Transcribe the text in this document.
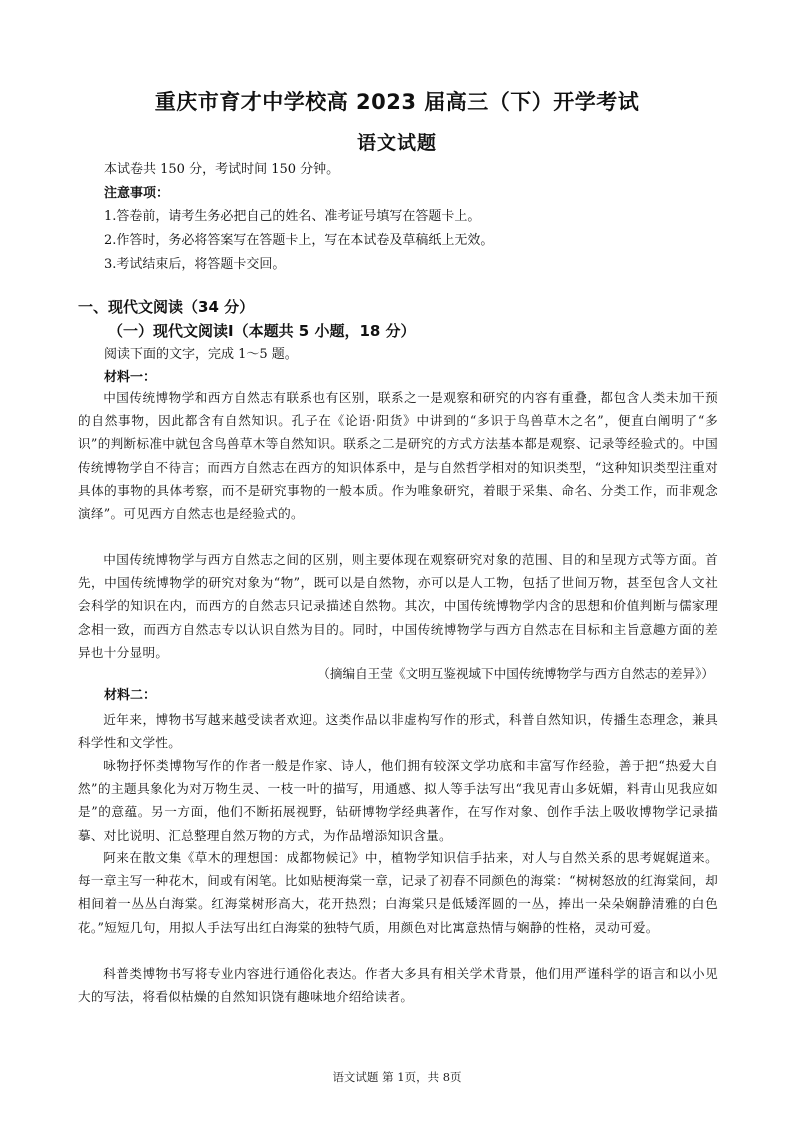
重庆市育才中学校高 2023 届高三（下）开学考试
语文试题
本试卷共 150 分，考试时间 150 分钟。
注意事项：
1.答卷前，请考生务必把自己的姓名、准考证号填写在答题卡上。
2.作答时，务必将答案写在答题卡上，写在本试卷及草稿纸上无效。
3.考试结束后，将答题卡交回。
一、现代文阅读（34 分）
（一）现代文阅读Ⅰ（本题共 5 小题，18 分）
阅读下面的文字，完成 1～5 题。
材料一：
中国传统博物学和西方自然志有联系也有区别，联系之一是观察和研究的内容有重叠，都包含人类未加干预的自然事物，因此都含有自然知识。孔子在《论语·阳货》中讲到的“多识于鸟兽草木之名”，便直白阐明了“多识”的判断标准中就包含鸟兽草木等自然知识。联系之二是研究的方式方法基本都是观察、记录等经验式的。中国传统博物学自不待言；而西方自然志在西方的知识体系中，是与自然哲学相对的知识类型，“这种知识类型注重对具体的事物的具体考察，而不是研究事物的一般本质。作为唯象研究，着眼于采集、命名、分类工作，而非观念演绎”。可见西方自然志也是经验式的。
中国传统博物学与西方自然志之间的区别，则主要体现在观察研究对象的范围、目的和呈现方式等方面。首先，中国传统博物学的研究对象为“物”，既可以是自然物，亦可以是人工物，包括了世间万物，甚至包含人文社会科学的知识在内，而西方的自然志只记录描述自然物。其次，中国传统博物学内含的思想和价值判断与儒家理念相一致，而西方自然志专以认识自然为目的。同时，中国传统博物学与西方自然志在目标和主旨意趣方面的差异也十分显明。
（摘编自王莹《文明互鉴视域下中国传统博物学与西方自然志的差异》）
材料二：
近年来，博物书写越来越受读者欢迎。这类作品以非虚构写作的形式，科普自然知识，传播生态理念，兼具科学性和文学性。
咏物抒怀类博物写作的作者一般是作家、诗人，他们拥有较深文学功底和丰富写作经验，善于把“热爱大自然”的主题具象化为对万物生灵、一枝一叶的描写，用通感、拟人等手法写出“我见青山多妩媚，料青山见我应如是”的意蕴。另一方面，他们不断拓展视野，钻研博物学经典著作，在写作对象、创作手法上吸收博物学记录描摹、对比说明、汇总整理自然万物的方式，为作品增添知识含量。
阿来在散文集《草木的理想国：成都物候记》中，植物学知识信手拈来，对人与自然关系的思考娓娓道来。每一章主写一种花木，间或有闲笔。比如贴梗海棠一章，记录了初春不同颜色的海棠：“树树怒放的红海棠间，却相间着一丛丛白海棠。红海棠树形高大，花开热烈；白海棠只是低矮浑圆的一丛，捧出一朵朵娴静清雅的白色花。”短短几句，用拟人手法写出红白海棠的独特气质，用颜色对比寓意热情与娴静的性格，灵动可爱。
科普类博物书写将专业内容进行通俗化表达。作者大多具有相关学术背景，他们用严谨科学的语言和以小见大的写法，将看似枯燥的自然知识饶有趣味地介绍给读者。
语文试题 第 1页，共 8页
